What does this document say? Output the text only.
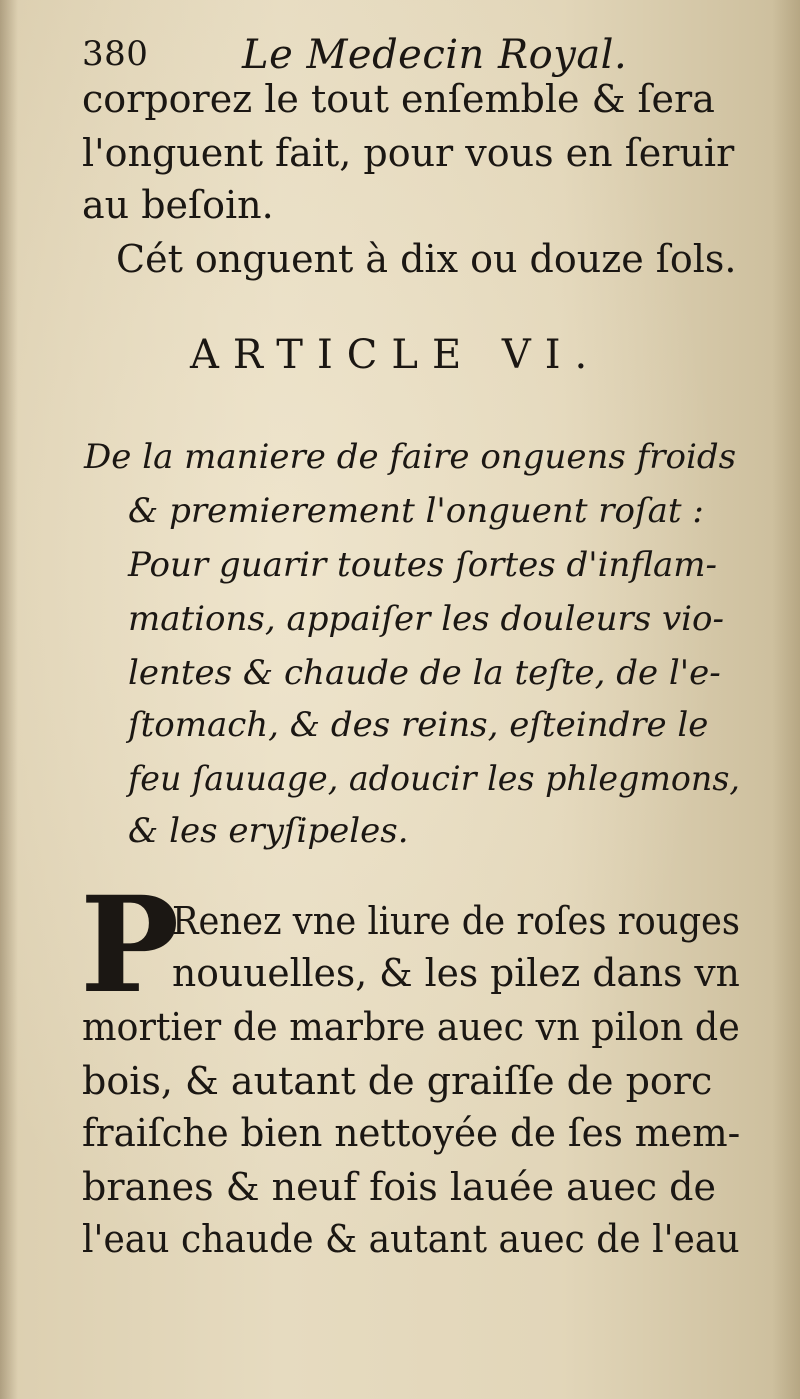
380 Le Medecin Royal.
corporez le tout enſemble & ſera
l'onguent fait, pour vous en ſeruir
au beſoin.
Cét onguent à dix ou douze ſols.
ARTICLE VI.
De la maniere de faire onguens froids
& premierement l'onguent roſat :
Pour guarir toutes ſortes d'inflam-
mations, appaiſer les douleurs vio-
lentes & chaude de la teſte, de l'e-
ſtomach, & des reins, eſteindre le
feu ſauuage, adoucir les phlegmons,
& les eryſipeles.
P
Renez vne liure de roſes rouges
nouuelles, & les pilez dans vn
mortier de marbre auec vn pilon de
bois, & autant de graiſſe de porc
fraiſche bien nettoyée de ſes mem-
branes & neuf fois lauée auec de
l'eau chaude & autant auec de l'eau
